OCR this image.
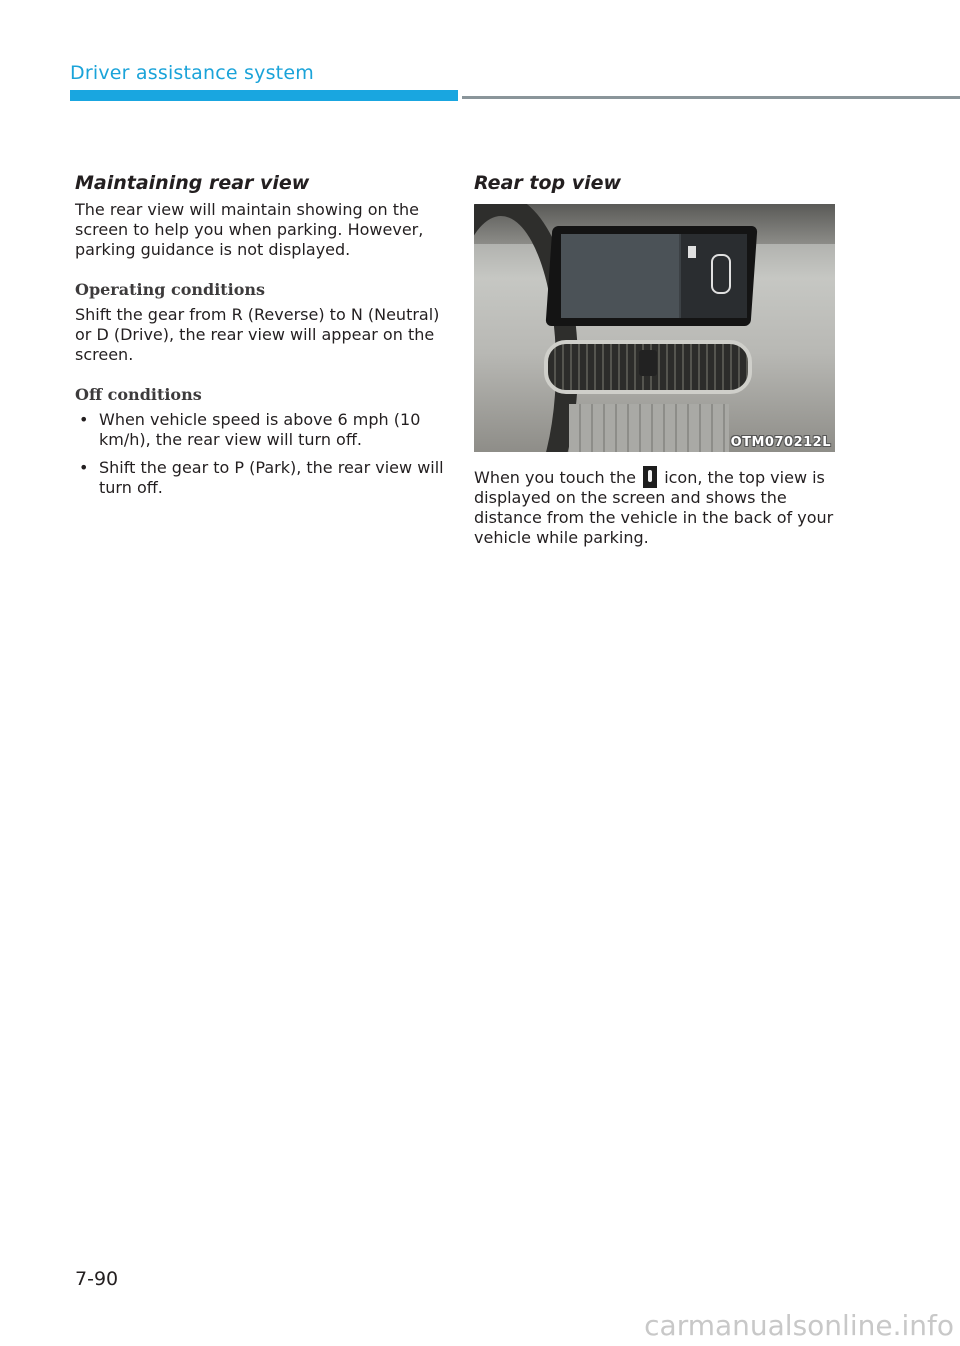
Driver assistance system
Maintaining rear view

The rear view will maintain showing on the screen to help you when parking. However, parking guidance is not displayed.

Operating conditions

Shift the gear from R (Reverse) to N (Neutral) or D (Drive), the rear view will appear on the screen.

Off conditions
• When vehicle speed is above 6 mph (10 km/h), the rear view will turn off.
• Shift the gear to P (Park), the rear view will turn off.
Rear top view
OTM070212L

When you touch the icon, the top view is displayed on the screen and shows the distance from the vehicle in the back of your vehicle while parking.

7-90
carmanualsonline.info
